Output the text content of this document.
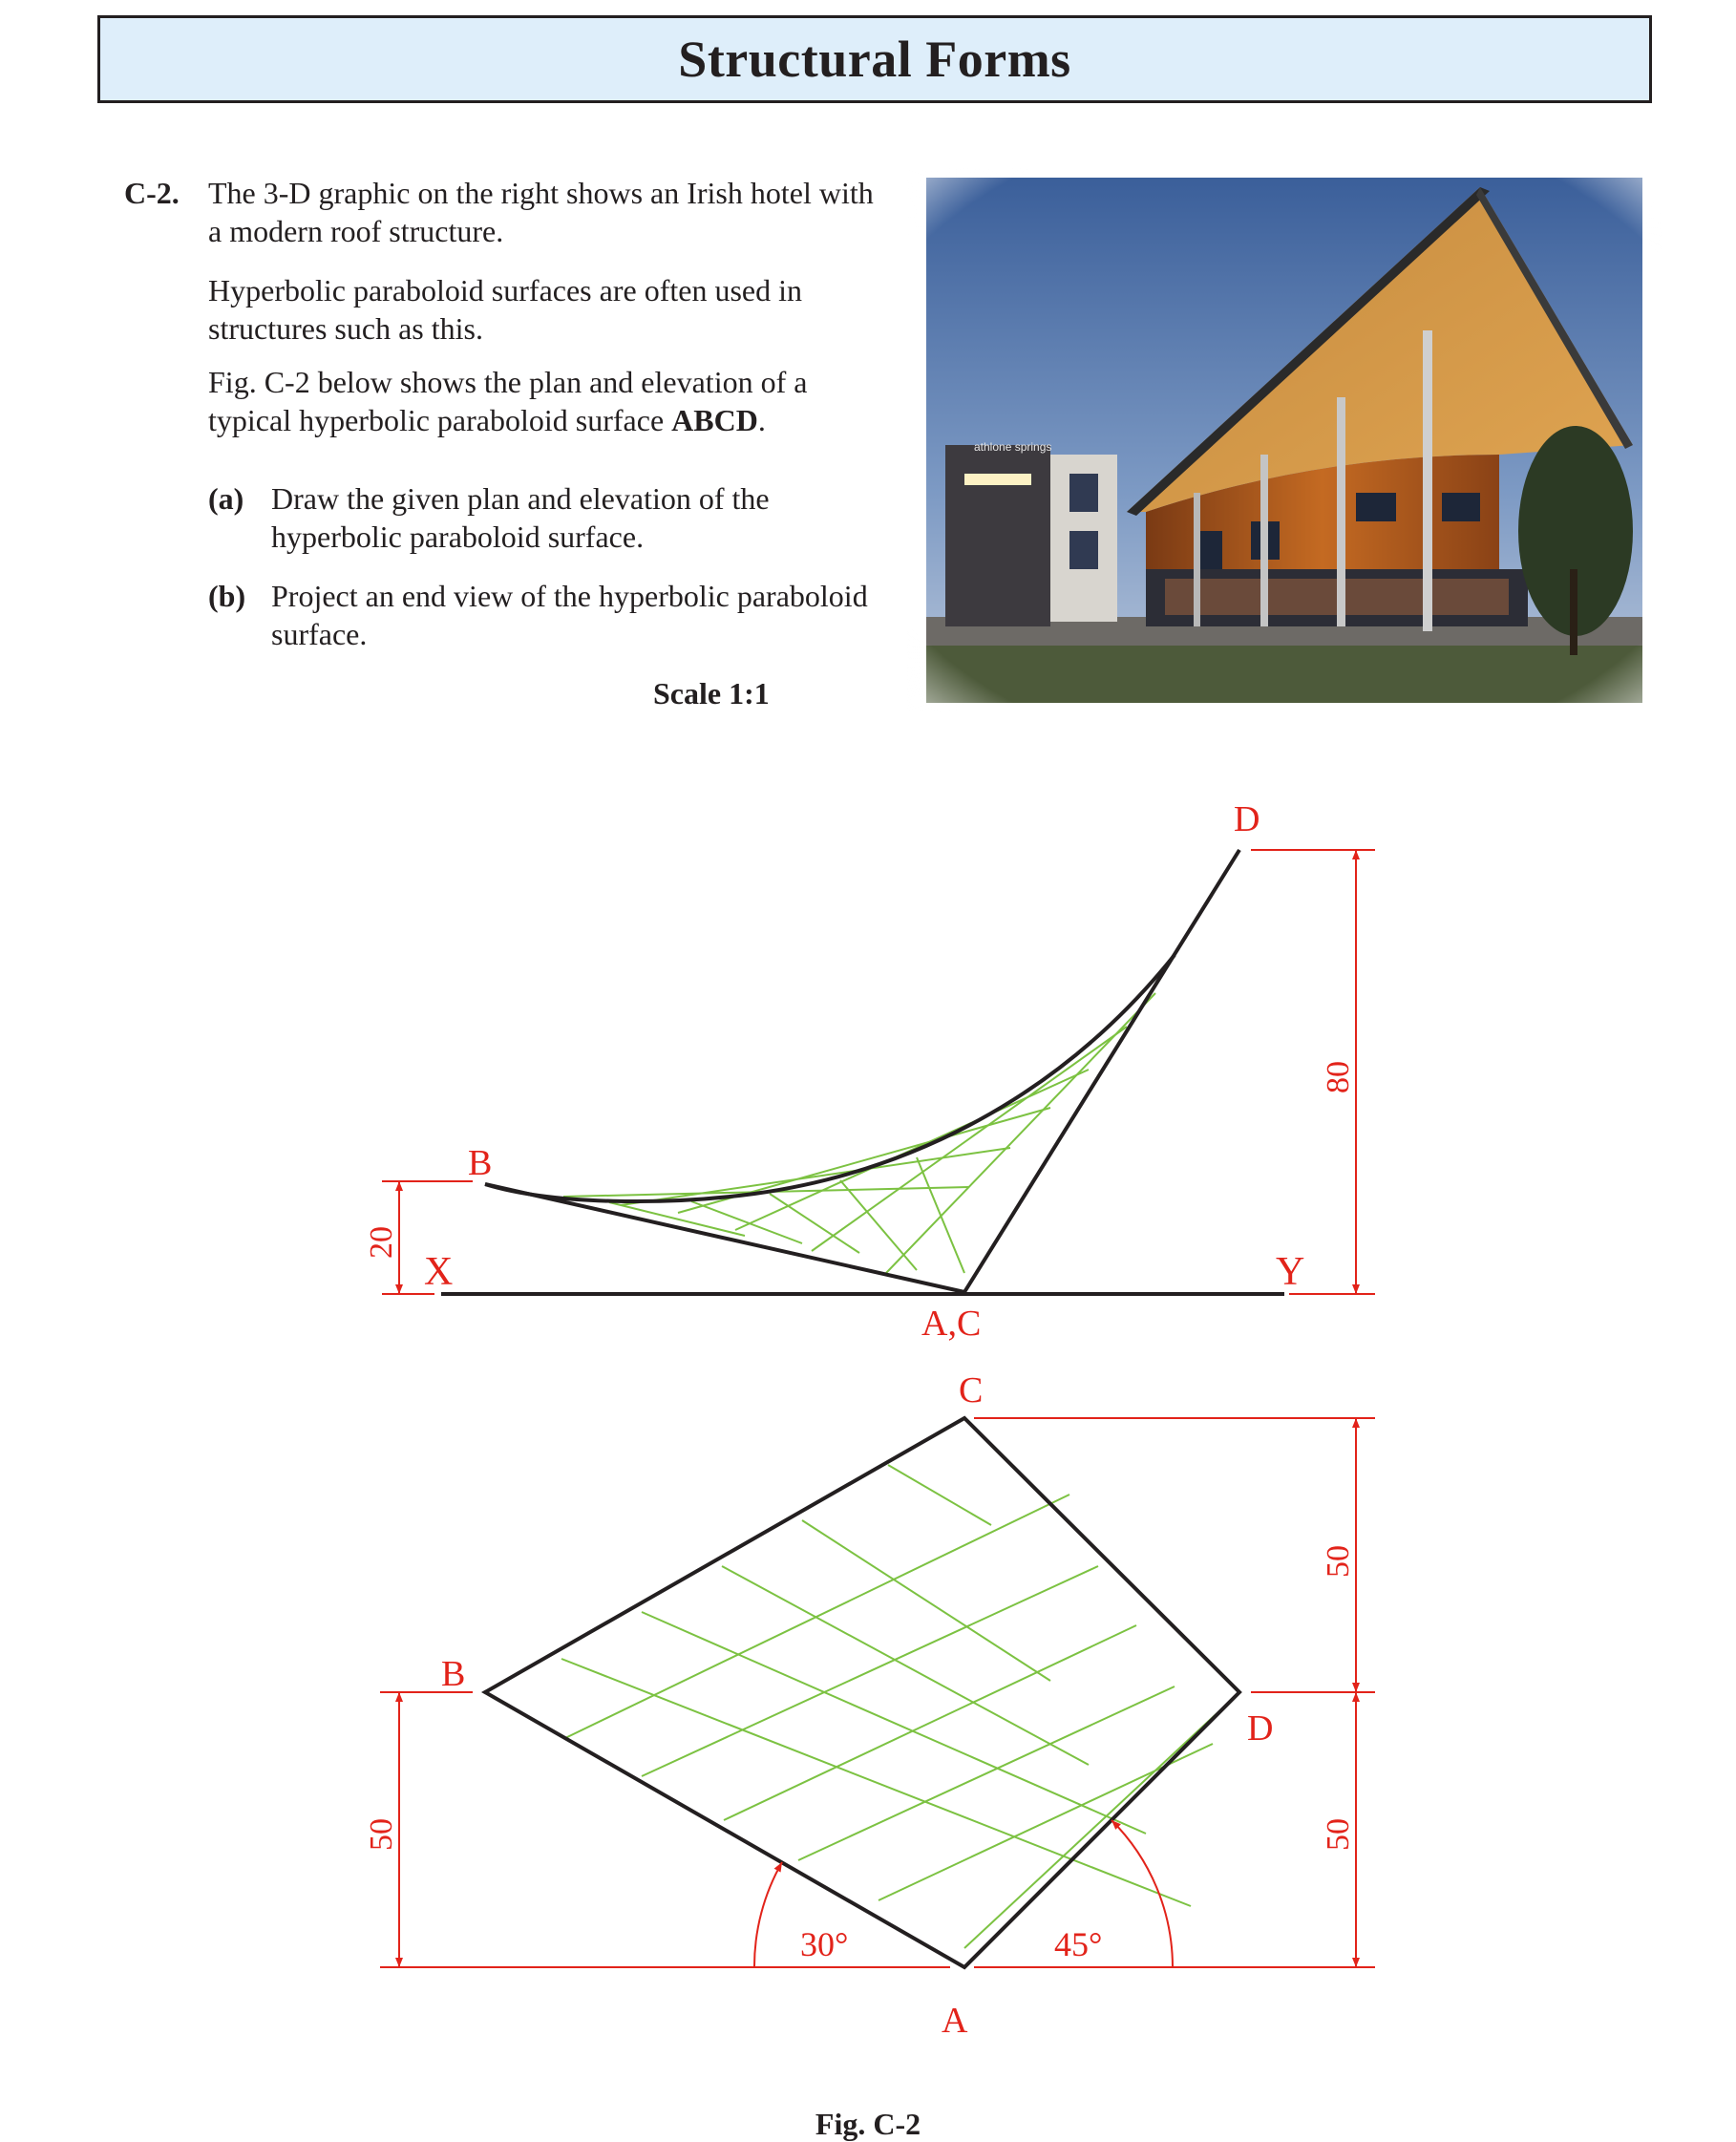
Structural Forms
C-2. The 3-D graphic on the right shows an Irish hotel with a modern roof structure.
Hyperbolic paraboloid surfaces are often used in structures such as this.
Fig. C-2 below shows the plan and elevation of a typical hyperbolic paraboloid surface ABCD.
(a) Draw the given plan and elevation of the hyperbolic paraboloid surface.
(b) Project an end view of the hyperbolic paraboloid surface.
Scale 1:1
B
D
X	Y
A,C
20
80
B
C
D
A
50
50
50
30°	45°
Fig. C-2
